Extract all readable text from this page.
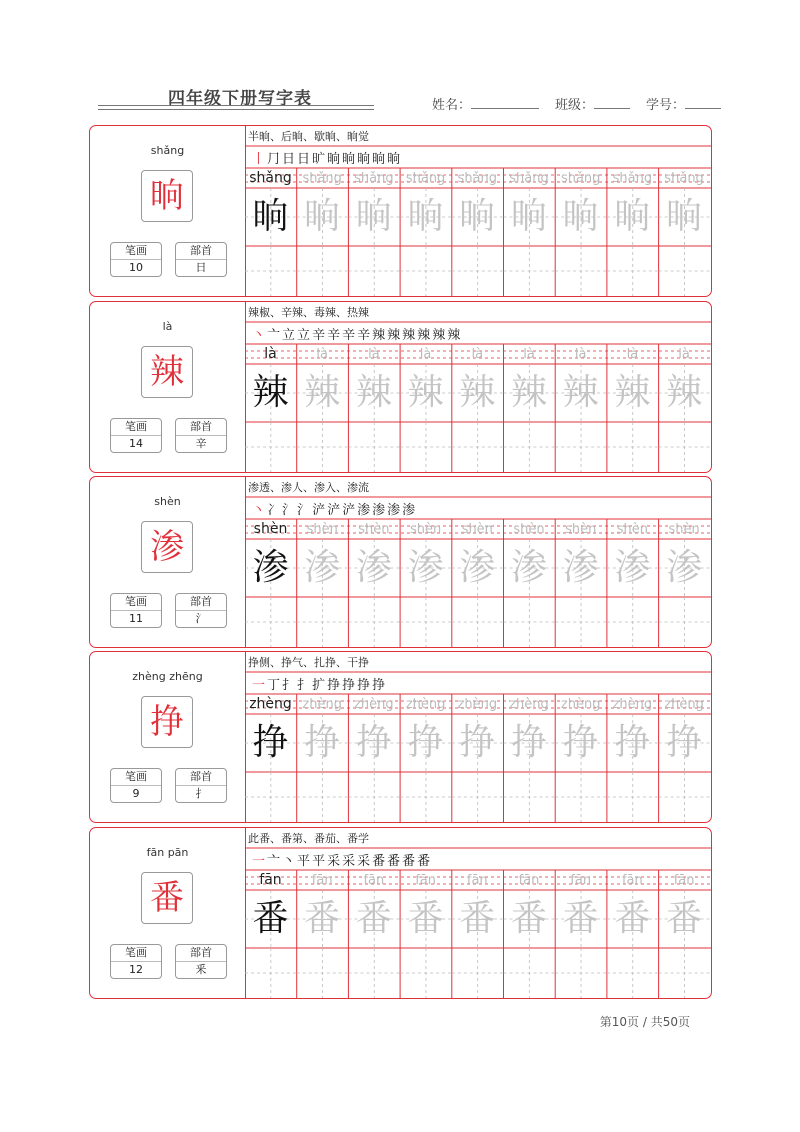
四年级下册写字表	姓名：	班级：	学号：
shǎng
晌
笔画
10
部首
日
半晌、后晌、歇晌、晌觉
丨 ⺆ 日 日 旷 晌 晌 晌 晌 晌
shǎng
晌
shǎng
晌
shǎng
晌
shǎng
晌
shǎng
晌
shǎng
晌
shǎng
晌
shǎng
晌
shǎng
晌
là
辣
笔画
14
部首
辛
辣椒、辛辣、毒辣、热辣
丶 亠 立 立 辛 辛 辛 辛 辣 辣 辣 辣 辣 辣
là
辣
là
辣
là
辣
là
辣
là
辣
là
辣
là
辣
là
辣
là
辣
shèn
渗
笔画
11
部首
氵
渗透、渗人、渗入、渗流
丶 冫 氵 氵 浐 浐 浐 渗 渗 渗 渗
shèn
渗
shèn
渗
shèn
渗
shèn
渗
shèn
渗
shèn
渗
shèn
渗
shèn
渗
shèn
渗
zhèng zhēng
挣
笔画
9
部首
扌
挣侧、挣气、扎挣、干挣
一 丁 扌 扌 扩 挣 挣 挣 挣
zhèng
挣
zhèng
挣
zhèng
挣
zhèng
挣
zhèng
挣
zhèng
挣
zhèng
挣
zhèng
挣
zhèng
挣
fān pān
番
笔画
12
部首
釆
此番、番第、番茄、番学
一 亠 丶 平 平 采 采 采 番 番 番 番
fān
番
fān
番
fān
番
fān
番
fān
番
fān
番
fān
番
fān
番
fān
番
第10页 / 共50页
